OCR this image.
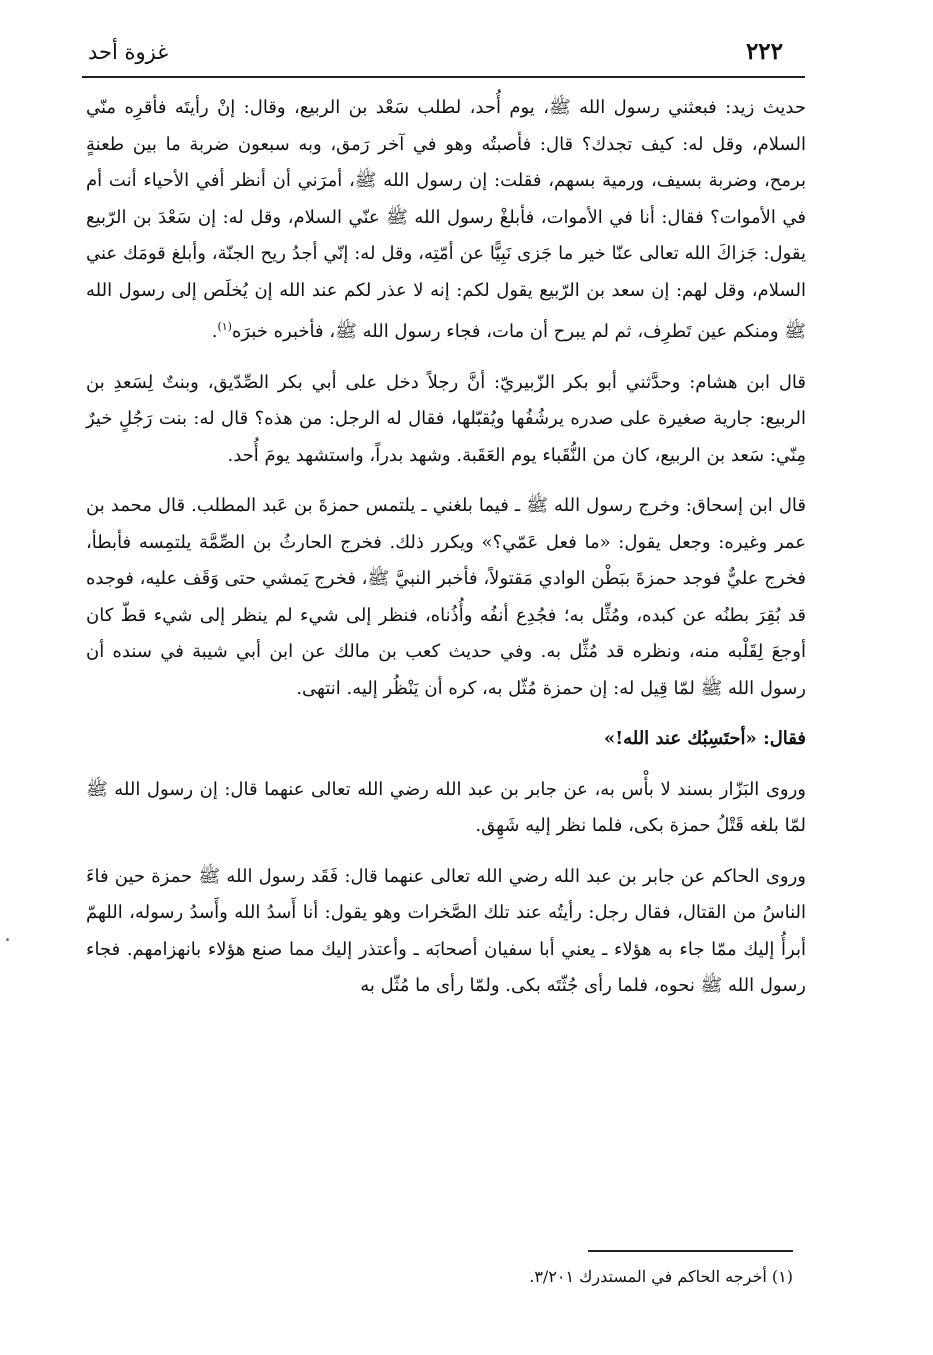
غزوة أحد	٢٢٢

حديث زيد: فبعثني رسول الله ﷺ، يوم أُحد، لطلب سَعْد بن الربيع، وقال: إنْ رأيتَه فأقرِه منّي السلام، وقل له: كيف تجدك؟ قال: فأصبتُه وهو في آخر رَمق، وبه سبعون ضربة ما بين طعنةٍ برمح، وضربة بسيف، ورمية بسهم، فقلت: إن رسول الله ﷺ، أمرَني أن أنظر أفي الأحياء أنت أم في الأموات؟ فقال: أنا في الأموات، فأبلغْ رسول الله ﷺ عنّي السلام، وقل له: إن سَعْدَ بن الرّبيع يقول: جَزاكَ الله تعالى عنّا خير ما جَزى نَبِيًّا عن أمّتِه، وقل له: إنّي أجدُ ريح الجنّة، وأبلغ قومَك عني السلام، وقل لهم: إن سعد بن الرّبيع يقول لكم: إنه لا عذر لكم عند الله إن يُخلَص إلى رسول الله ﷺ ومنكم عين تَطرِف، ثم لم يبرح أن مات، فجاء رسول الله ﷺ، فأخبره خبرَه$^{(١)}$.

قال ابن هشام: وحدَّثني أبو بكر الزّبيريّ: أنَّ رجلاً دخل على أبي بكر الصِّدّيق، وبنتٌ لِسَعدِ بن الربيع: جارية صغيرة على صدره يرشُفُها ويُقبّلها، فقال له الرجل: من هذه؟ قال له: بنت رَجُلٍ خيرٌ مِنّي: سَعد بن الربيع، كان من النُّقَباء يوم العَقَبة. وشهد بدراً، واستشهد يومَ أُحد.

قال ابن إسحاق: وخرج رسول الله ﷺ ـ فيما بلغني ـ يلتمس حمزةَ بن عَبد المطلب. قال محمد بن عمر وغيره: وجعل يقول: «ما فعل عَمّي؟» ويكرر ذلك. فخرج الحارثُ بن الصِّمَّة يلتمِسه فأبطأ، فخرج عليٌّ فوجد حمزةَ ببَطْن الوادي مَقتولاً، فأخبر النبيَّ ﷺ، فخرج يَمشي حتى وَقَف عليه، فوجده قد بُقِرَ بطنُه عن كبده، ومُثِّل به؛ فجُدِع أنفُه وأُذُناه، فنظر إلى شيء لم ينظر إلى شيء قطّ كان أوجعَ لِقَلْبه منه، ونظره قد مُثِّل به. وفي حديث كعب بن مالك عن ابن أبي شيبة في سنده أن رسول الله ﷺ لمّا قِيل له: إن حمزة مُثّل به، كره أن يَنْظُر إليه. انتهى.

فقال: «أحتَسِبُك عند الله!»

وروى البَزّار بسند لا بأْس به، عن جابر بن عبد الله رضي الله تعالى عنهما قال: إن رسول الله ﷺ لمّا بلغه قَتْلُ حمزة بكى، فلما نظر إليه شَهِق.

وروى الحاكم عن جابر بن عبد الله رضي الله تعالى عنهما قال: فَقَد رسول الله ﷺ حمزة حين فاءَ الناسُ من القتال، فقال رجل: رأيتُه عند تلك الصَّخرات وهو يقول: أنا أَسدُ الله وأَسدُ رسوله، اللهمّ أبرأُ إليك ممّا جاء به هؤلاء ـ يعني أبا سفيان أصحابَه ـ وأعتذر إليك مما صنع هؤلاء بانهزامهم. فجاء رسول الله ﷺ نحوه، فلما رأى جُثّتَه بكى. ولمّا رأى ما مُثّل به

(١) أخرجه الحاكم في المستدرك ٣/٢٠١.
